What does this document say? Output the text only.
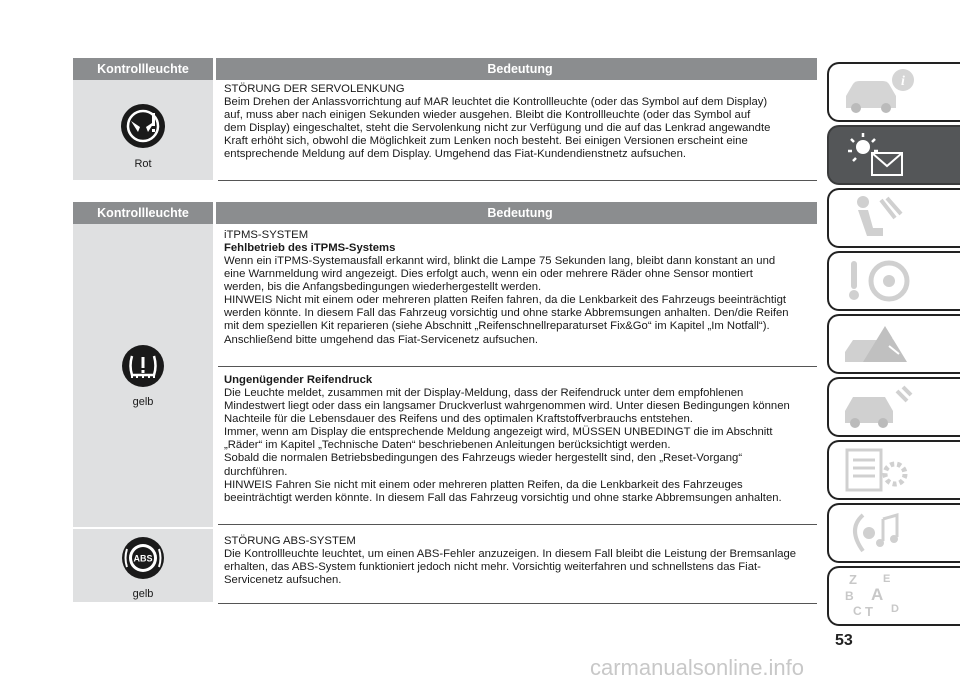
Kontrollleuchte	Bedeutung
Rot
STÖRUNG DER SERVOLENKUNG
Beim Drehen der Anlassvorrichtung auf MAR leuchtet die Kontrollleuchte (oder das Symbol auf dem Display)
auf, muss aber nach einigen Sekunden wieder ausgehen. Bleibt die Kontrollleuchte (oder das Symbol auf
dem Display) eingeschaltet, steht die Servolenkung nicht zur Verfügung und die auf das Lenkrad angewandte
Kraft erhöht sich, obwohl die Möglichkeit zum Lenken noch besteht. Bei einigen Versionen erscheint eine
entsprechende Meldung auf dem Display. Umgehend das Fiat-Kundendienstnetz aufsuchen.
Kontrollleuchte	Bedeutung
gelb
iTPMS-SYSTEM
Fehlbetrieb des iTPMS-Systems
Wenn ein iTPMS-Systemausfall erkannt wird, blinkt die Lampe 75 Sekunden lang, bleibt dann konstant an und
eine Warnmeldung wird angezeigt. Dies erfolgt auch, wenn ein oder mehrere Räder ohne Sensor montiert
werden, bis die Anfangsbedingungen wiederhergestellt werden.
HINWEIS Nicht mit einem oder mehreren platten Reifen fahren, da die Lenkbarkeit des Fahrzeugs beeinträchtigt
werden könnte. In diesem Fall das Fahrzeug vorsichtig und ohne starke Abbremsungen anhalten. Den/die Reifen
mit dem speziellen Kit reparieren (siehe Abschnitt „Reifenschnellreparaturset Fix&Go“ im Kapitel „Im Notfall“).
Anschließend bitte umgehend das Fiat-Servicenetz aufsuchen.
Ungenügender Reifendruck
Die Leuchte meldet, zusammen mit der Display-Meldung, dass der Reifendruck unter dem empfohlenen
Mindestwert liegt oder dass ein langsamer Druckverlust wahrgenommen wird. Unter diesen Bedingungen können
Nachteile für die Lebensdauer des Reifens und des optimalen Kraftstoffverbrauchs entstehen.
Immer, wenn am Display die entsprechende Meldung angezeigt wird, MÜSSEN UNBEDINGT die im Abschnitt
„Räder“ im Kapitel „Technische Daten“ beschriebenen Anleitungen berücksichtigt werden.
Sobald die normalen Betriebsbedingungen des Fahrzeugs wieder hergestellt sind, den „Reset-Vorgang“
durchführen.
HINWEIS Fahren Sie nicht mit einem oder mehreren platten Reifen, da die Lenkbarkeit des Fahrzeuges
beeinträchtigt werden könnte. In diesem Fall das Fahrzeug vorsichtig und ohne starke Abbremsungen anhalten.
ABS
gelb
STÖRUNG ABS-SYSTEM
Die Kontrollleuchte leuchtet, um einen ABS-Fehler anzuzeigen. In diesem Fall bleibt die Leistung der Bremsanlage
erhalten, das ABS-System funktioniert jedoch nicht mehr. Vorsichtig weiterfahren und schnellstens das Fiat-
Servicenetz aufsuchen.
i
Z E
B A
C T D
53
carmanualsonline.info
